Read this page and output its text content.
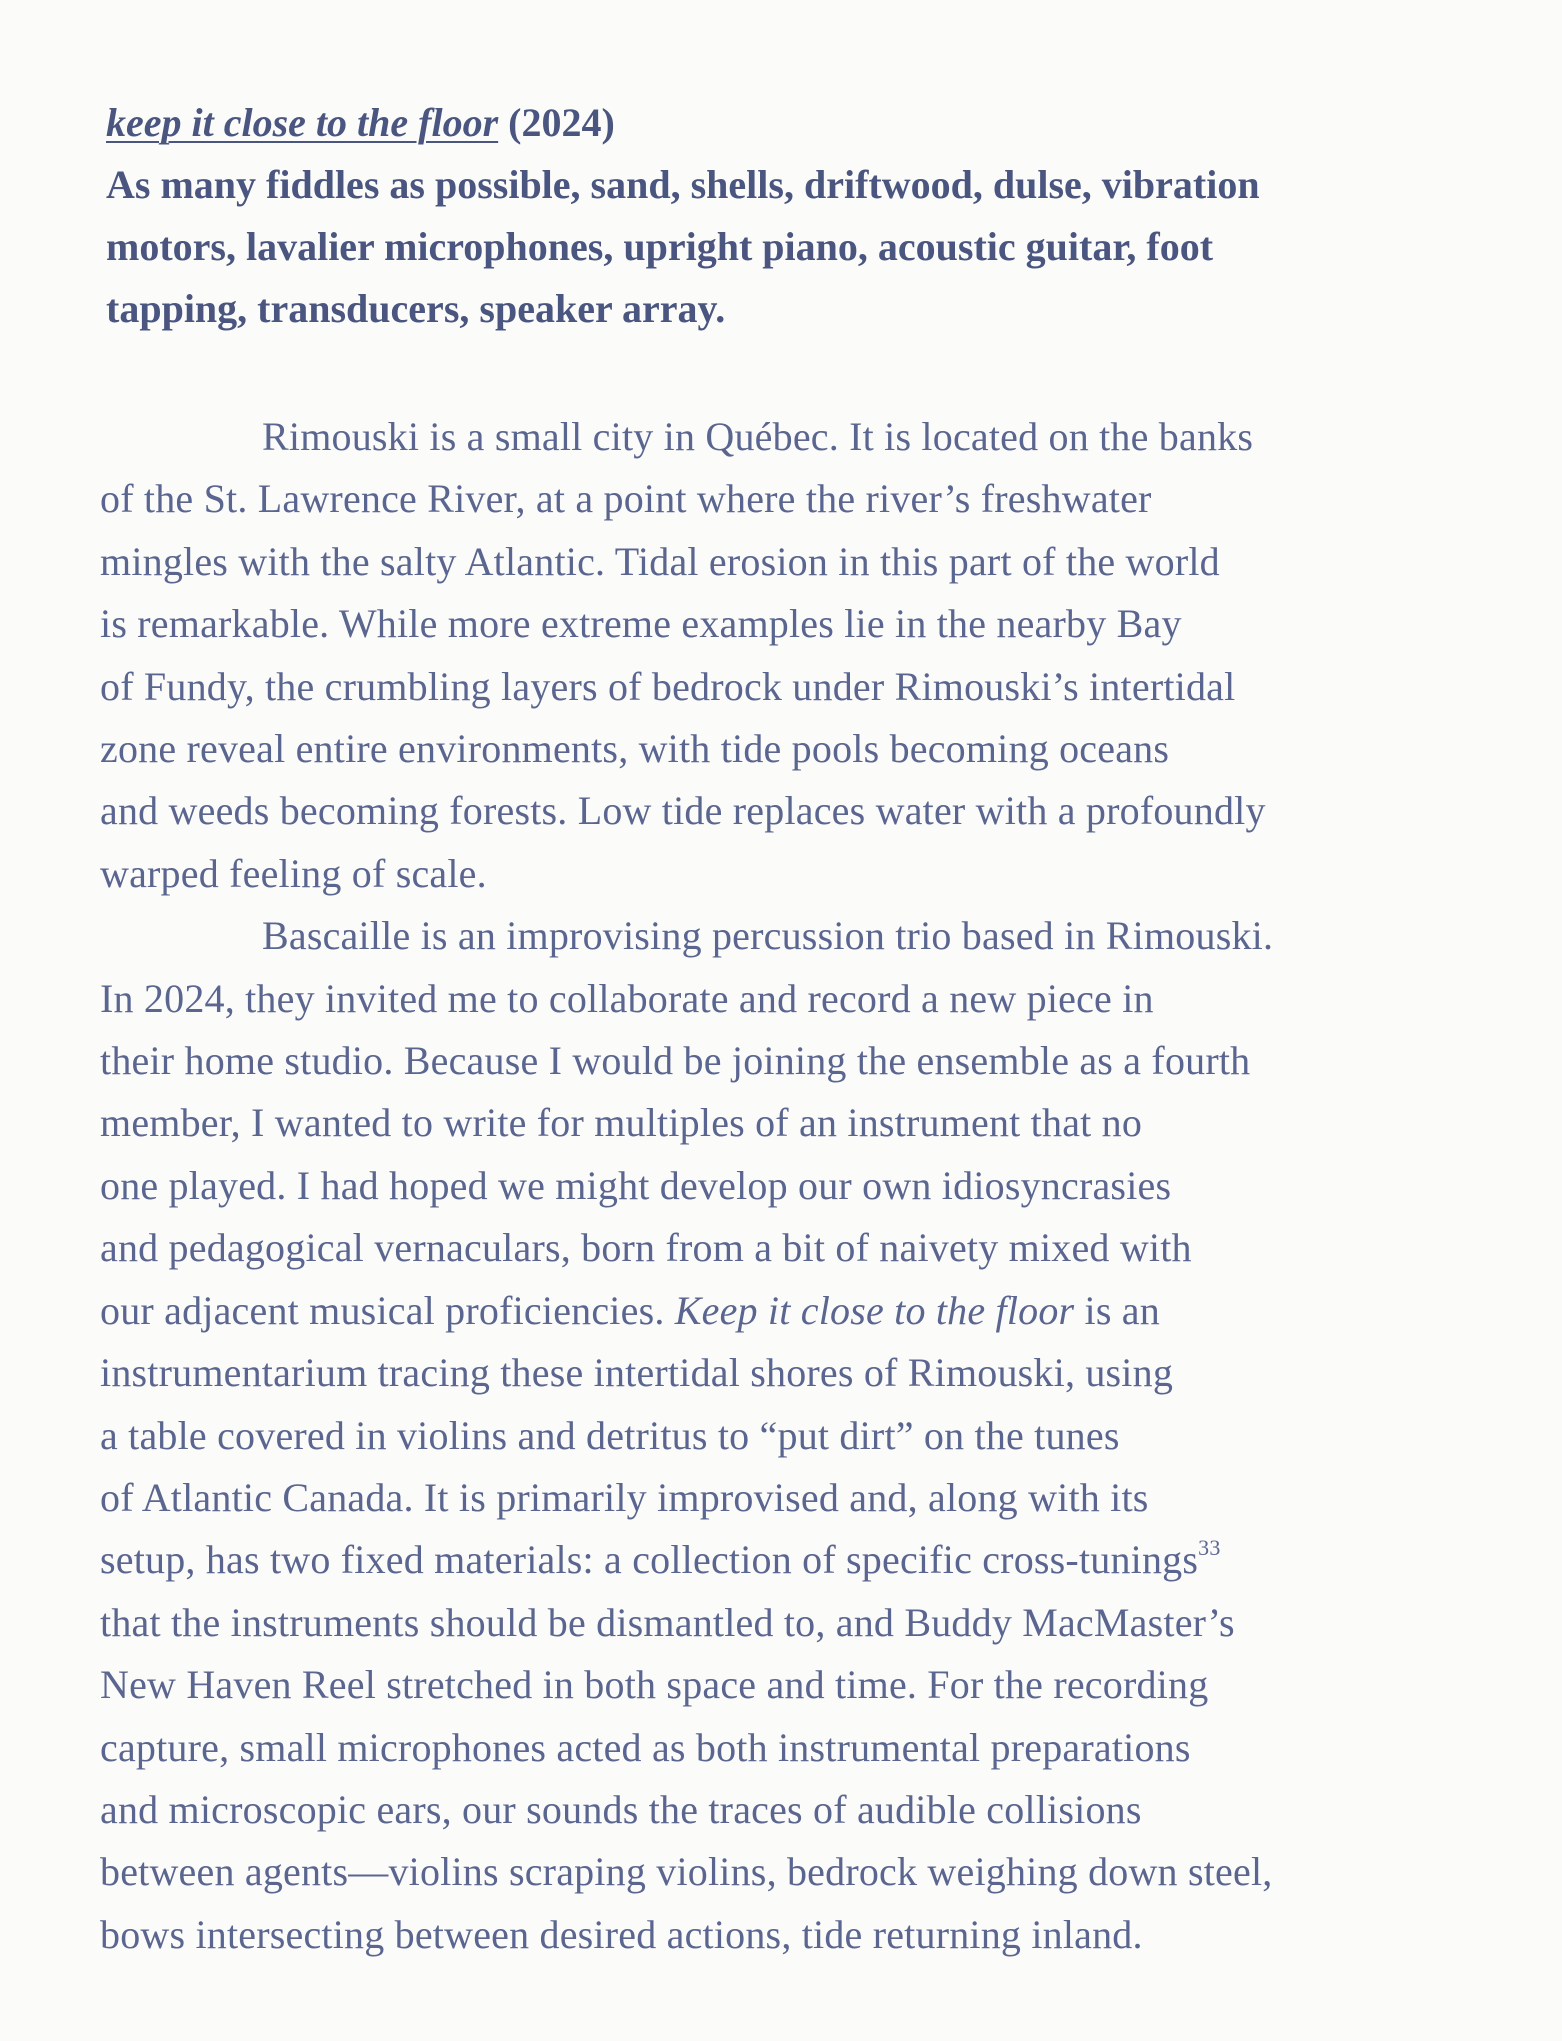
keep it close to the floor (2024)
As many fiddles as possible, sand, shells, driftwood, dulse, vibration
motors, lavalier microphones, upright piano, acoustic guitar, foot
tapping, transducers, speaker array.
Rimouski is a small city in Québec. It is located on the banks
of the St. Lawrence River, at a point where the river’s freshwater
mingles with the salty Atlantic. Tidal erosion in this part of the world
is remarkable. While more extreme examples lie in the nearby Bay
of Fundy, the crumbling layers of bedrock under Rimouski’s intertidal
zone reveal entire environments, with tide pools becoming oceans
and weeds becoming forests. Low tide replaces water with a profoundly
warped feeling of scale.
Bascaille is an improvising percussion trio based in Rimouski.
In 2024, they invited me to collaborate and record a new piece in
their home studio. Because I would be joining the ensemble as a fourth
member, I wanted to write for multiples of an instrument that no
one played. I had hoped we might develop our own idiosyncrasies
and pedagogical vernaculars, born from a bit of naivety mixed with
our adjacent musical proficiencies. Keep it close to the floor is an
instrumentarium tracing these intertidal shores of Rimouski, using
a table covered in violins and detritus to “put dirt” on the tunes
of Atlantic Canada. It is primarily improvised and, along with its
setup, has two fixed materials: a collection of specific cross-tunings$^{33}$
that the instruments should be dismantled to, and Buddy MacMaster’s
New Haven Reel stretched in both space and time. For the recording
capture, small microphones acted as both instrumental preparations
and microscopic ears, our sounds the traces of audible collisions
between agents—violins scraping violins, bedrock weighing down steel,
bows intersecting between desired actions, tide returning inland.
